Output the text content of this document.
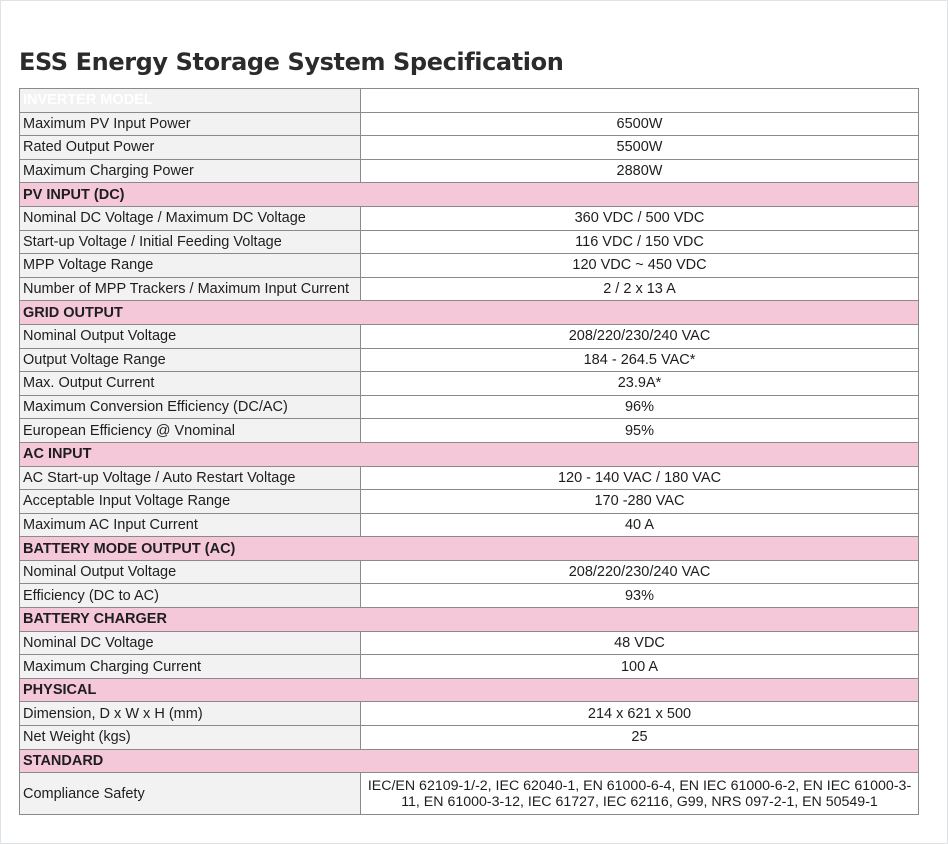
ESS Energy Storage System Specification
INVERTER MODEL	ESS 5.5kw
Maximum PV Input Power	6500W
Rated Output Power	5500W
Maximum Charging Power	2880W
PV INPUT (DC)	
Nominal DC Voltage / Maximum DC Voltage	360 VDC / 500 VDC
Start-up Voltage / Initial Feeding Voltage	116 VDC / 150 VDC
MPP Voltage Range	120 VDC ~ 450 VDC
Number of MPP Trackers / Maximum Input Current	2 / 2 x 13 A
GRID OUTPUT	
Nominal Output Voltage	208/220/230/240 VAC
Output Voltage Range	184 - 264.5 VAC*
Max. Output Current	23.9A*
Maximum Conversion Efficiency (DC/AC)	96%
European Efficiency @ Vnominal	95%
AC INPUT	
AC Start-up Voltage / Auto Restart Voltage	120 - 140 VAC / 180 VAC
Acceptable Input Voltage Range	170 -280 VAC
Maximum AC Input Current	40 A
BATTERY MODE OUTPUT (AC)	
Nominal Output Voltage	208/220/230/240 VAC
Efficiency (DC to AC)	93%
BATTERY CHARGER	
Nominal DC Voltage	48 VDC
Maximum Charging Current	100 A
PHYSICAL	
Dimension, D x W x H (mm)	214 x 621 x 500
Net Weight (kgs)	25
STANDARD	
Compliance Safety	IEC/EN 62109-1/-2, IEC 62040-1, EN 61000-6-4, EN IEC 61000-6-2, EN IEC 61000-3-11, EN 61000-3-12, IEC 61727, IEC 62116, G99, NRS 097-2-1, EN 50549-1
